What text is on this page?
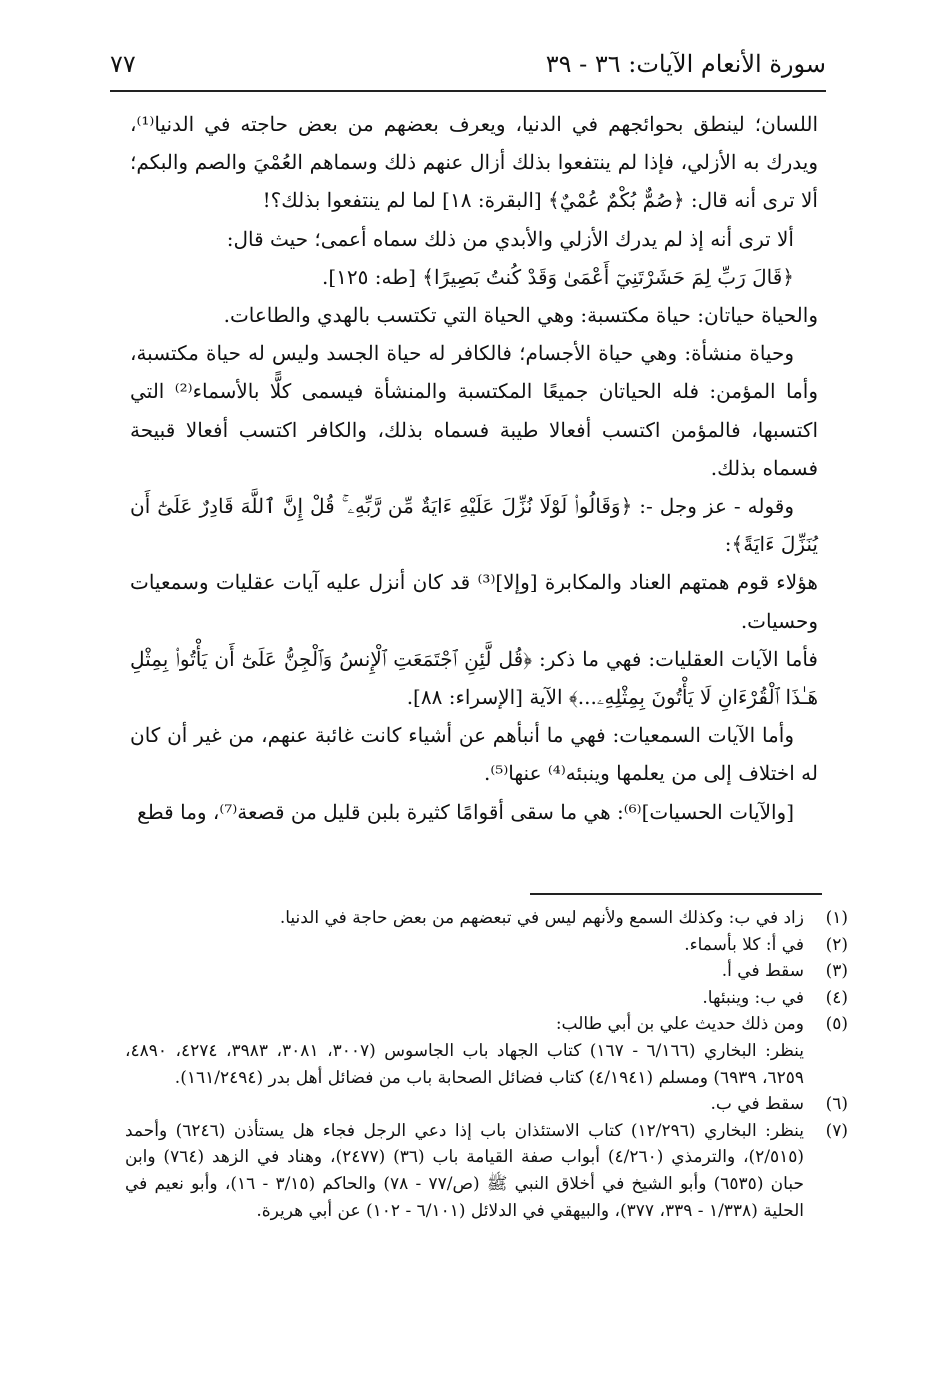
٧٧	سورة الأنعام الآيات: ٣٦ - ٣٩

اللسان؛ لينطق بحوائجهم في الدنيا، ويعرف بعضهم من بعض حاجته في الدنيا⁽¹⁾، ويدرك به الأزلي، فإذا لم ينتفعوا بذلك أزال عنهم ذلك وسماهم العُمْيَ والصم والبكم؛ ألا ترى أنه قال: ﴿صُمٌّ بُكْمٌ عُمْيٌ﴾ [البقرة: ١٨] لما لم ينتفعوا بذلك؟!

ألا ترى أنه إذ لم يدرك الأزلي والأبدي من ذلك سماه أعمى؛ حيث قال:

﴿قَالَ رَبِّ لِمَ حَشَرْتَنِيٓ أَعْمَىٰ وَقَدْ كُنتُ بَصِيرًا﴾ [طه: ١٢٥].

والحياة حياتان: حياة مكتسبة: وهي الحياة التي تكتسب بالهدي والطاعات.

وحياة منشأة: وهي حياة الأجسام؛ فالكافر له حياة الجسد وليس له حياة مكتسبة، وأما المؤمن: فله الحياتان جميعًا المكتسبة والمنشأة فيسمى كلًّا بالأسماء⁽²⁾ التي اكتسبها، فالمؤمن اكتسب أفعالا طيبة فسماه بذلك، والكافر اكتسب أفعالا قبيحة فسماه بذلك.

وقوله - عز وجل -: ﴿وَقَالُوا۟ لَوْلَا نُزِّلَ عَلَيْهِ ءَايَةٌ مِّن رَّبِّهِۦ ۚ قُلْ إِنَّ ٱللَّهَ قَادِرٌ عَلَىٰٓ أَن يُنَزِّلَ ءَايَةً﴾:

هؤلاء قوم همتهم العناد والمكابرة [وإلا]⁽³⁾ قد كان أنزل عليه آيات عقليات وسمعيات وحسيات.

فأما الآيات العقليات: فهي ما ذكر: ﴿قُل لَّئِنِ ٱجْتَمَعَتِ ٱلْإِنسُ وَٱلْجِنُّ عَلَىٰٓ أَن يَأْتُوا۟ بِمِثْلِ هَـٰذَا ٱلْقُرْءَانِ لَا يَأْتُونَ بِمِثْلِهِۦ...﴾ الآية [الإسراء: ٨٨].

وأما الآيات السمعيات: فهي ما أنبأهم عن أشياء كانت غائبة عنهم، من غير أن كان له اختلاف إلى من يعلمها وينبئه⁽⁴⁾ عنها⁽⁵⁾.

[والآيات الحسيات]⁽⁶⁾: هي ما سقى أقوامًا كثيرة بلبن قليل من قصعة⁽⁷⁾، وما قطع

(١)
زاد في ب: وكذلك السمع ولأنهم ليس في تبعضهم من بعض حاجة في الدنيا.
(٢)
في أ: كلا بأسماء.
(٣)
سقط في أ.
(٤)
في ب: وينبئها.
(٥)
ومن ذلك حديث علي بن أبي طالب:
ينظر: البخاري (٦/١٦٦ - ١٦٧) كتاب الجهاد باب الجاسوس (٣٠٠٧، ٣٠٨١، ٣٩٨٣، ٤٢٧٤، ٤٨٩٠، ٦٢٥٩، ٦٩٣٩) ومسلم (٤/١٩٤١) كتاب فضائل الصحابة باب من فضائل أهل بدر (١٦١/٢٤٩٤).
(٦)
سقط في ب.
(٧)
ينظر: البخاري (١٢/٢٩٦) كتاب الاستئذان باب إذا دعي الرجل فجاء هل يستأذن (٦٢٤٦) وأحمد (٢/٥١٥)، والترمذي (٤/٢٦٠) أبواب صفة القيامة باب (٣٦) (٢٤٧٧)، وهناد في الزهد (٧٦٤) وابن حبان (٦٥٣٥) وأبو الشيخ في أخلاق النبي ﷺ (ص/٧٧ - ٧٨) والحاكم (٣/١٥ - ١٦)، وأبو نعيم في الحلية (١/٣٣٨ - ٣٣٩، ٣٧٧)، والبيهقي في الدلائل (٦/١٠١ - ١٠٢) عن أبي هريرة.
